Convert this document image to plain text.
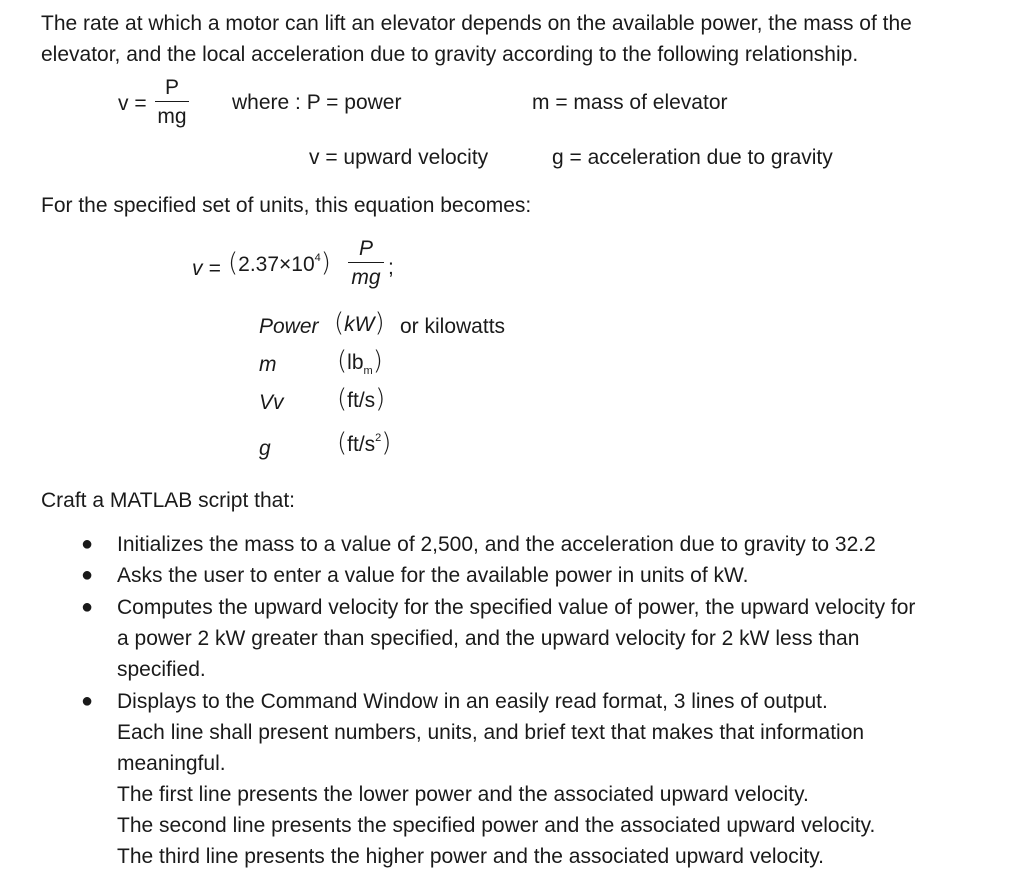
The rate at which a motor can lift an elevator depends on the available power, the mass of the
elevator, and the local acceleration due to gravity according to the following relationship.
v =
P
mg
where : P = power	m = mass of elevator
v = upward velocity	g = acceleration due to gravity
For the specified set of units, this equation becomes:
$v = (2.37\times 10^4)$	P
mg ;
Power (kW) or kilowatts
m $(lb_m)$
Vv (ft/s)
g	$(ft/s^2)$
Craft a MATLAB script that:
● Initializes the mass to a value of 2,500, and the acceleration due to gravity to 32.2
● Asks the user to enter a value for the available power in units of kW.
● Computes the upward velocity for the specified value of power, the upward velocity for
a power 2 kW greater than specified, and the upward velocity for 2 kW less than
specified.
● Displays to the Command Window in an easily read format, 3 lines of output.
Each line shall present numbers, units, and brief text that makes that information
meaningful.
The first line presents the lower power and the associated upward velocity.
The second line presents the specified power and the associated upward velocity.
The third line presents the higher power and the associated upward velocity.
